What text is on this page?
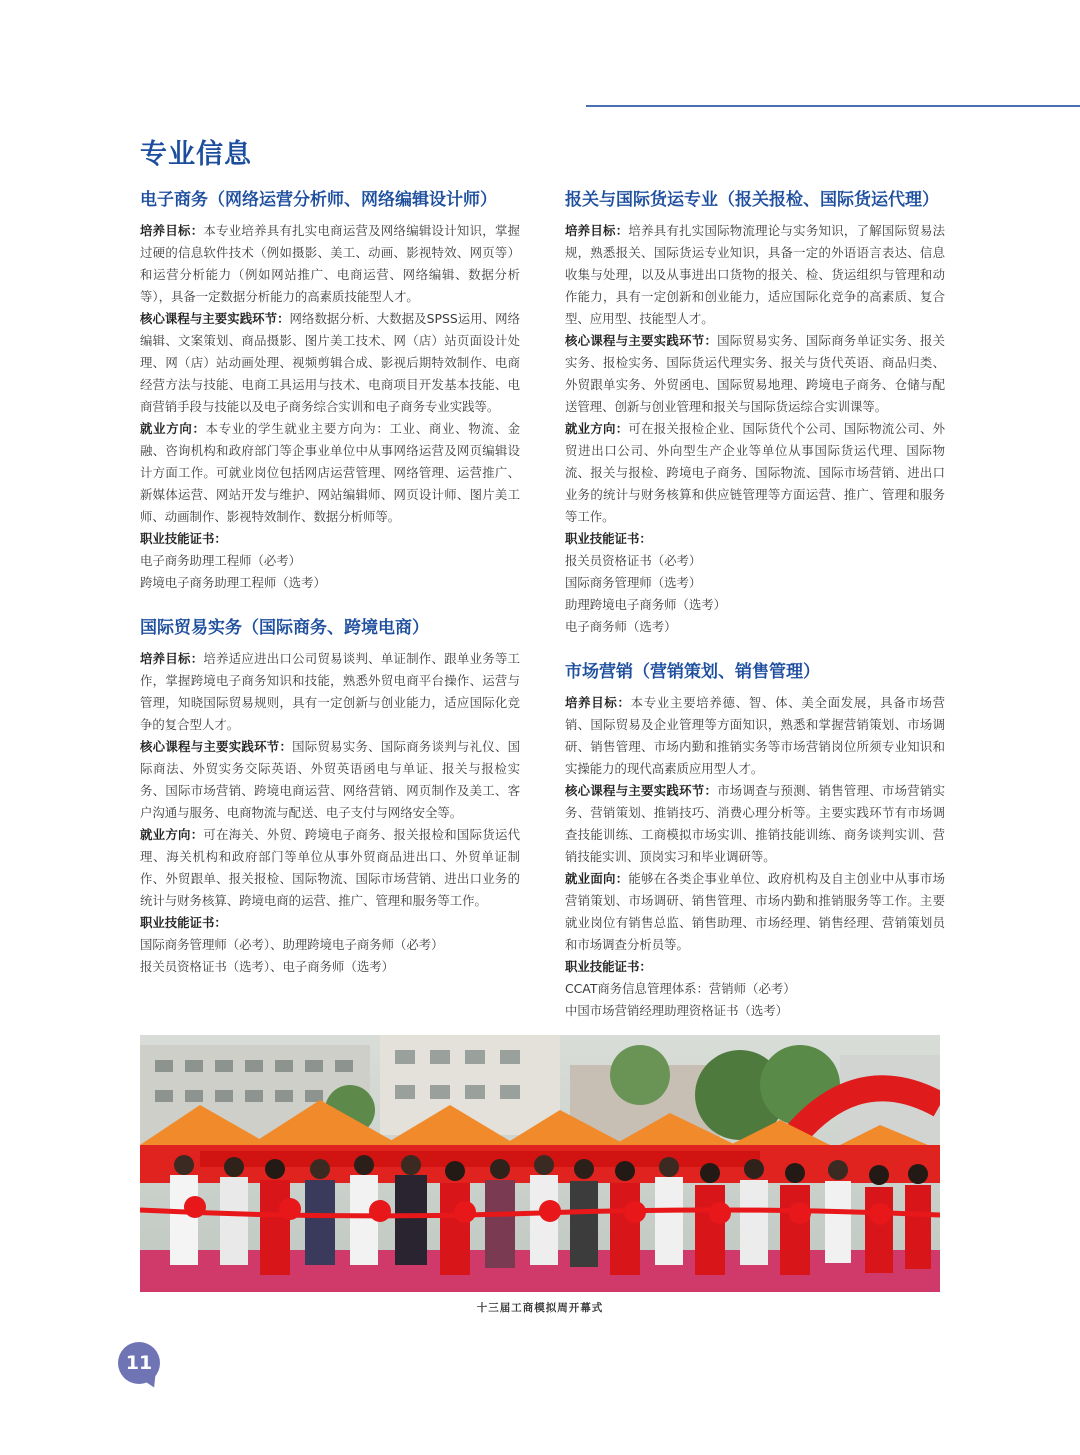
专业信息
电子商务（网络运营分析师、网络编辑设计师）

培养目标：本专业培养具有扎实电商运营及网络编辑设计知识，掌握过硬的信息软件技术（例如摄影、美工、动画、影视特效、网页等）和运营分析能力（例如网站推广、电商运营、网络编辑、数据分析等），具备一定数据分析能力的高素质技能型人才。

核心课程与主要实践环节：网络数据分析、大数据及SPSS运用、网络编辑、文案策划、商品摄影、图片美工技术、网（店）站页面设计处理、网（店）站动画处理、视频剪辑合成、影视后期特效制作、电商经营方法与技能、电商工具运用与技术、电商项目开发基本技能、电商营销手段与技能以及电子商务综合实训和电子商务专业实践等。

就业方向：本专业的学生就业主要方向为：工业、商业、物流、金融、咨询机构和政府部门等企事业单位中从事网络运营及网页编辑设计方面工作。可就业岗位包括网店运营管理、网络管理、运营推广、新媒体运营、网站开发与维护、网站编辑师、网页设计师、图片美工师、动画制作、影视特效制作、数据分析师等。

职业技能证书：

电子商务助理工程师（必考）

跨境电子商务助理工程师（选考）

国际贸易实务（国际商务、跨境电商）

培养目标：培养适应进出口公司贸易谈判、单证制作、跟单业务等工作，掌握跨境电子商务知识和技能，熟悉外贸电商平台操作、运营与管理，知晓国际贸易规则，具有一定创新与创业能力，适应国际化竞争的复合型人才。

核心课程与主要实践环节：国际贸易实务、国际商务谈判与礼仪、国际商法、外贸实务交际英语、外贸英语函电与单证、报关与报检实务、国际市场营销、跨境电商运营、网络营销、网页制作及美工、客户沟通与服务、电商物流与配送、电子支付与网络安全等。

就业方向：可在海关、外贸、跨境电子商务、报关报检和国际货运代理、海关机构和政府部门等单位从事外贸商品进出口、外贸单证制作、外贸跟单、报关报检、国际物流、国际市场营销、进出口业务的统计与财务核算、跨境电商的运营、推广、管理和服务等工作。

职业技能证书：

国际商务管理师（必考）、助理跨境电子商务师（必考）

报关员资格证书（选考）、电子商务师（选考）

报关与国际货运专业（报关报检、国际货运代理）

培养目标：培养具有扎实国际物流理论与实务知识，了解国际贸易法规，熟悉报关、国际货运专业知识，具备一定的外语语言表达、信息收集与处理，以及从事进出口货物的报关、检、货运组织与管理和动作能力，具有一定创新和创业能力，适应国际化竞争的高素质、复合型、应用型、技能型人才。

核心课程与主要实践环节：国际贸易实务、国际商务单证实务、报关实务、报检实务、国际货运代理实务、报关与货代英语、商品归类、外贸跟单实务、外贸函电、国际贸易地理、跨境电子商务、仓储与配送管理、创新与创业管理和报关与国际货运综合实训课等。

就业方向：可在报关报检企业、国际货代个公司、国际物流公司、外贸进出口公司、外向型生产企业等单位从事国际货运代理、国际物流、报关与报检、跨境电子商务、国际物流、国际市场营销、进出口业务的统计与财务核算和供应链管理等方面运营、推广、管理和服务等工作。

职业技能证书：

报关员资格证书（必考）

国际商务管理师（选考）

助理跨境电子商务师（选考）

电子商务师（选考）

市场营销（营销策划、销售管理）

培养目标：本专业主要培养德、智、体、美全面发展，具备市场营销、国际贸易及企业管理等方面知识，熟悉和掌握营销策划、市场调研、销售管理、市场内勤和推销实务等市场营销岗位所须专业知识和实操能力的现代高素质应用型人才。

核心课程与主要实践环节：市场调查与预测、销售管理、市场营销实务、营销策划、推销技巧、消费心理分析等。主要实践环节有市场调查技能训练、工商模拟市场实训、推销技能训练、商务谈判实训、营销技能实训、顶岗实习和毕业调研等。

就业面向：能够在各类企事业单位、政府机构及自主创业中从事市场营销策划、市场调研、销售管理、市场内勤和推销服务等工作。主要就业岗位有销售总监、销售助理、市场经理、销售经理、营销策划员和市场调查分析员等。

职业技能证书：

CCAT商务信息管理体系：营销师（必考）

中国市场营销经理助理资格证书（选考）

十三届工商模拟周开幕式
11
